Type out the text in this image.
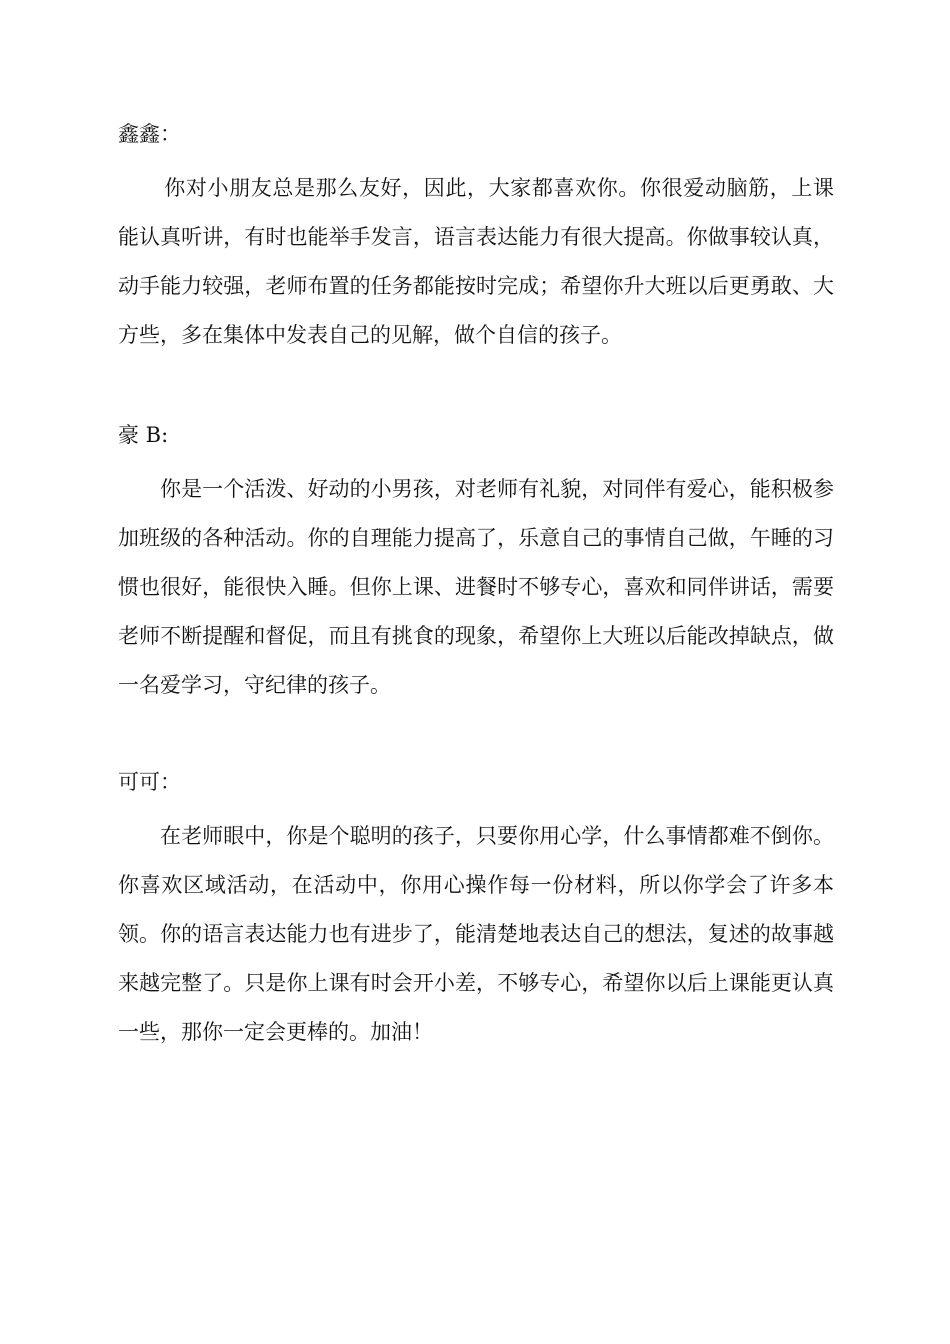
鑫鑫：
你对小朋友总是那么友好，因此，大家都喜欢你。你很爱动脑筋，上课能认真听讲，有时也能举手发言，语言表达能力有很大提高。你做事较认真，动手能力较强，老师布置的任务都能按时完成；希望你升大班以后更勇敢、大方些，多在集体中发表自己的见解，做个自信的孩子。
豪 B:
你是一个活泼、好动的小男孩，对老师有礼貌，对同伴有爱心，能积极参加班级的各种活动。你的自理能力提高了，乐意自己的事情自己做，午睡的习惯也很好，能很快入睡。但你上课、进餐时不够专心，喜欢和同伴讲话，需要老师不断提醒和督促，而且有挑食的现象，希望你上大班以后能改掉缺点，做一名爱学习，守纪律的孩子。
可可：
在老师眼中，你是个聪明的孩子，只要你用心学，什么事情都难不倒你。你喜欢区域活动，在活动中，你用心操作每一份材料，所以你学会了许多本领。你的语言表达能力也有进步了，能清楚地表达自己的想法，复述的故事越来越完整了。只是你上课有时会开小差，不够专心，希望你以后上课能更认真一些，那你一定会更棒的。加油！
